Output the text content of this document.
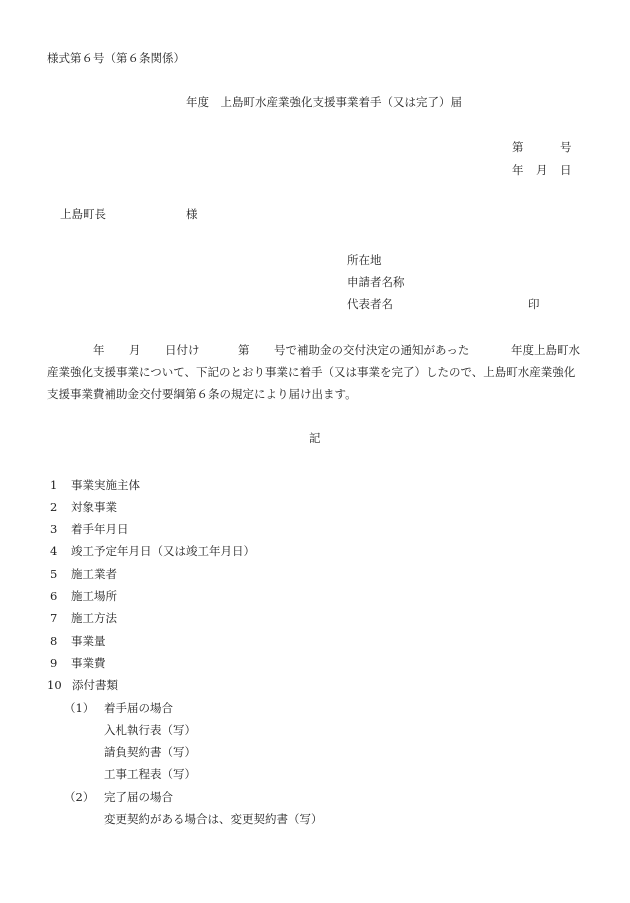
様式第６号（第６条関係）
年度　上島町水産業強化支援事業着手（又は完了）届
第	号
年 月 日
上島町長	様
所在地
申請者名称
代表者名	印
年 月 日付け	第 号で補助金の交付決定の通知があった	年度上島町水
産業強化支援事業について、下記のとおり事業に着手（又は事業を完了）したので、上島町水産業強化
支援事業費補助金交付要綱第６条の規定により届け出ます。
記
1 事業実施主体
2 対象事業
3 着手年月日
4 竣工予定年月日（又は竣工年月日）
5 施工業者
6 施工場所
7 施工方法
8 事業量
9 事業費
10 添付書類
（1） 着手届の場合
入札執行表（写）
請負契約書（写）
工事工程表（写）
（2） 完了届の場合
変更契約がある場合は、変更契約書（写）
